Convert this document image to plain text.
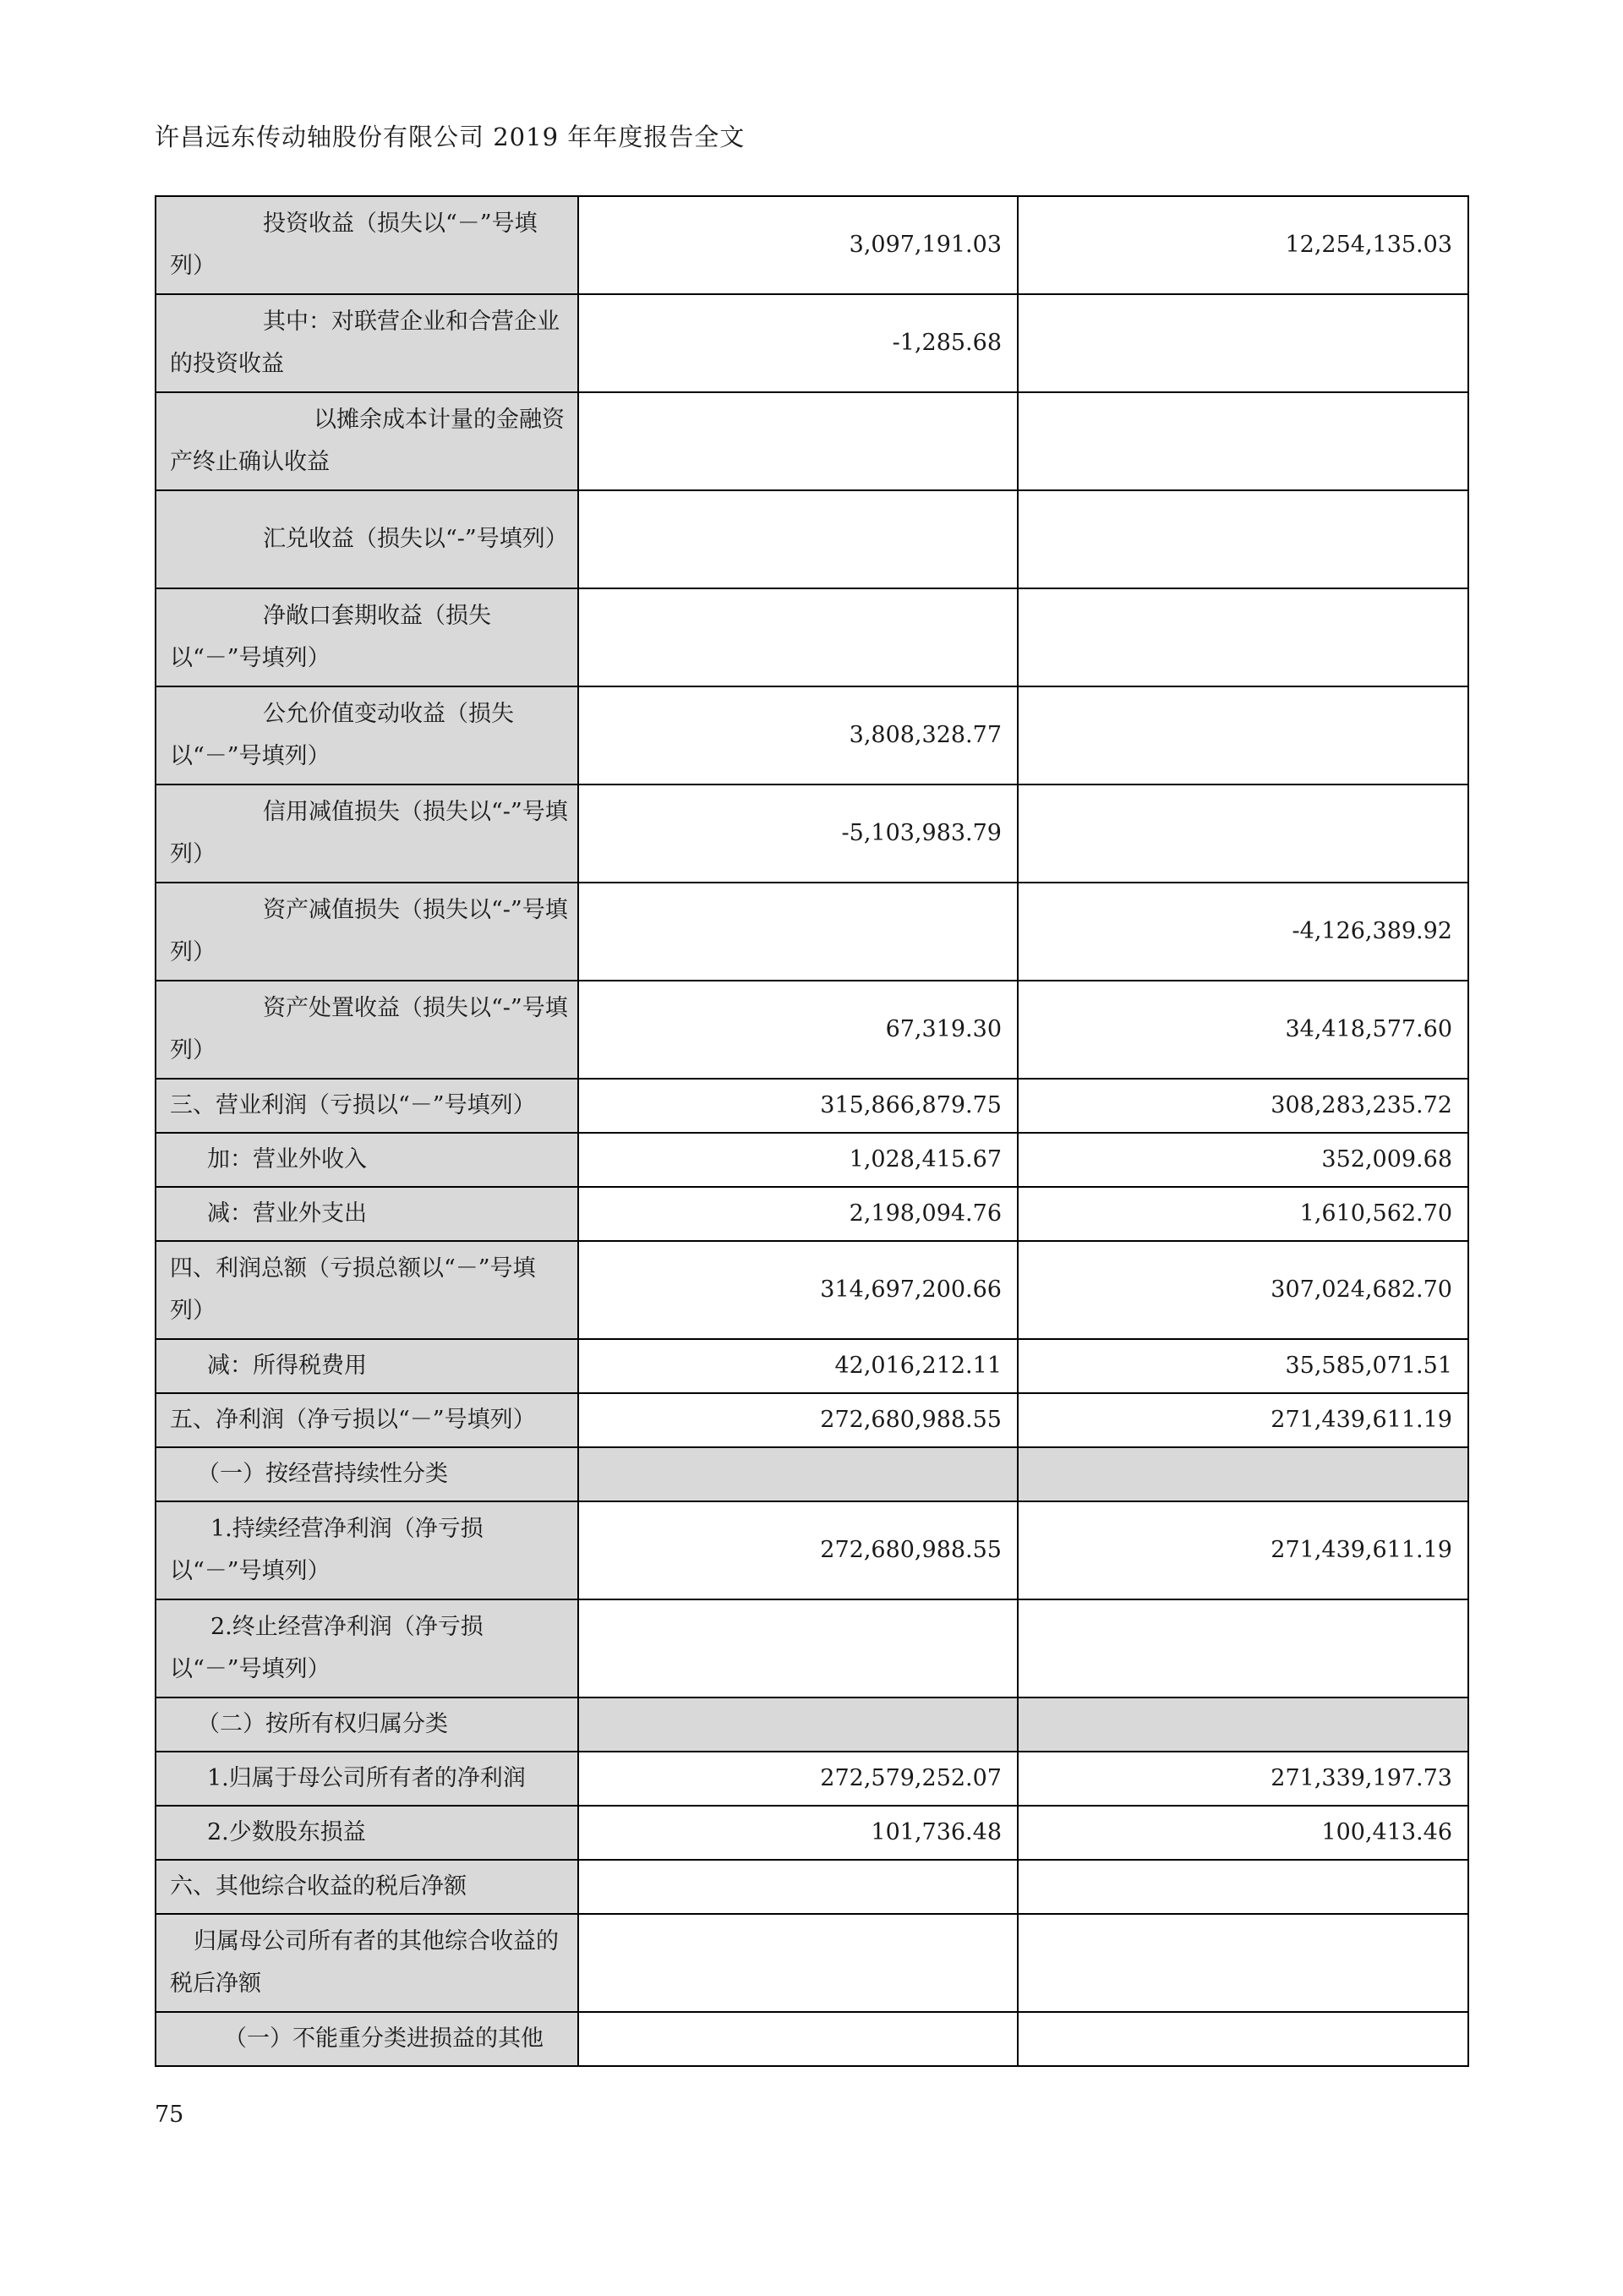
许昌远东传动轴股份有限公司 2019 年年度报告全文
投资收益（损失以“－”号填列）	3,097,191.03	12,254,135.03
其中：对联营企业和合营企业的投资收益	-1,285.68	
以摊余成本计量的金融资产终止确认收益		
汇兑收益（损失以“-”号填列）		
净敞口套期收益（损失以“－”号填列）		
公允价值变动收益（损失以“－”号填列）	3,808,328.77	
信用减值损失（损失以“-”号填列）	-5,103,983.79	
资产减值损失（损失以“-”号填列）		-4,126,389.92
资产处置收益（损失以“-”号填列）	67,319.30	34,418,577.60
三、营业利润（亏损以“－”号填列）	315,866,879.75	308,283,235.72
加：营业外收入	1,028,415.67	352,009.68
减：营业外支出	2,198,094.76	1,610,562.70
四、利润总额（亏损总额以“－”号填列）	314,697,200.66	307,024,682.70
减：所得税费用	42,016,212.11	35,585,071.51
五、净利润（净亏损以“－”号填列）	272,680,988.55	271,439,611.19
（一）按经营持续性分类		
1.持续经营净利润（净亏损以“－”号填列）	272,680,988.55	271,439,611.19
2.终止经营净利润（净亏损以“－”号填列）		
（二）按所有权归属分类		
1.归属于母公司所有者的净利润	272,579,252.07	271,339,197.73
2.少数股东损益	101,736.48	100,413.46
六、其他综合收益的税后净额		
归属母公司所有者的其他综合收益的税后净额		
（一）不能重分类进损益的其他		
75
